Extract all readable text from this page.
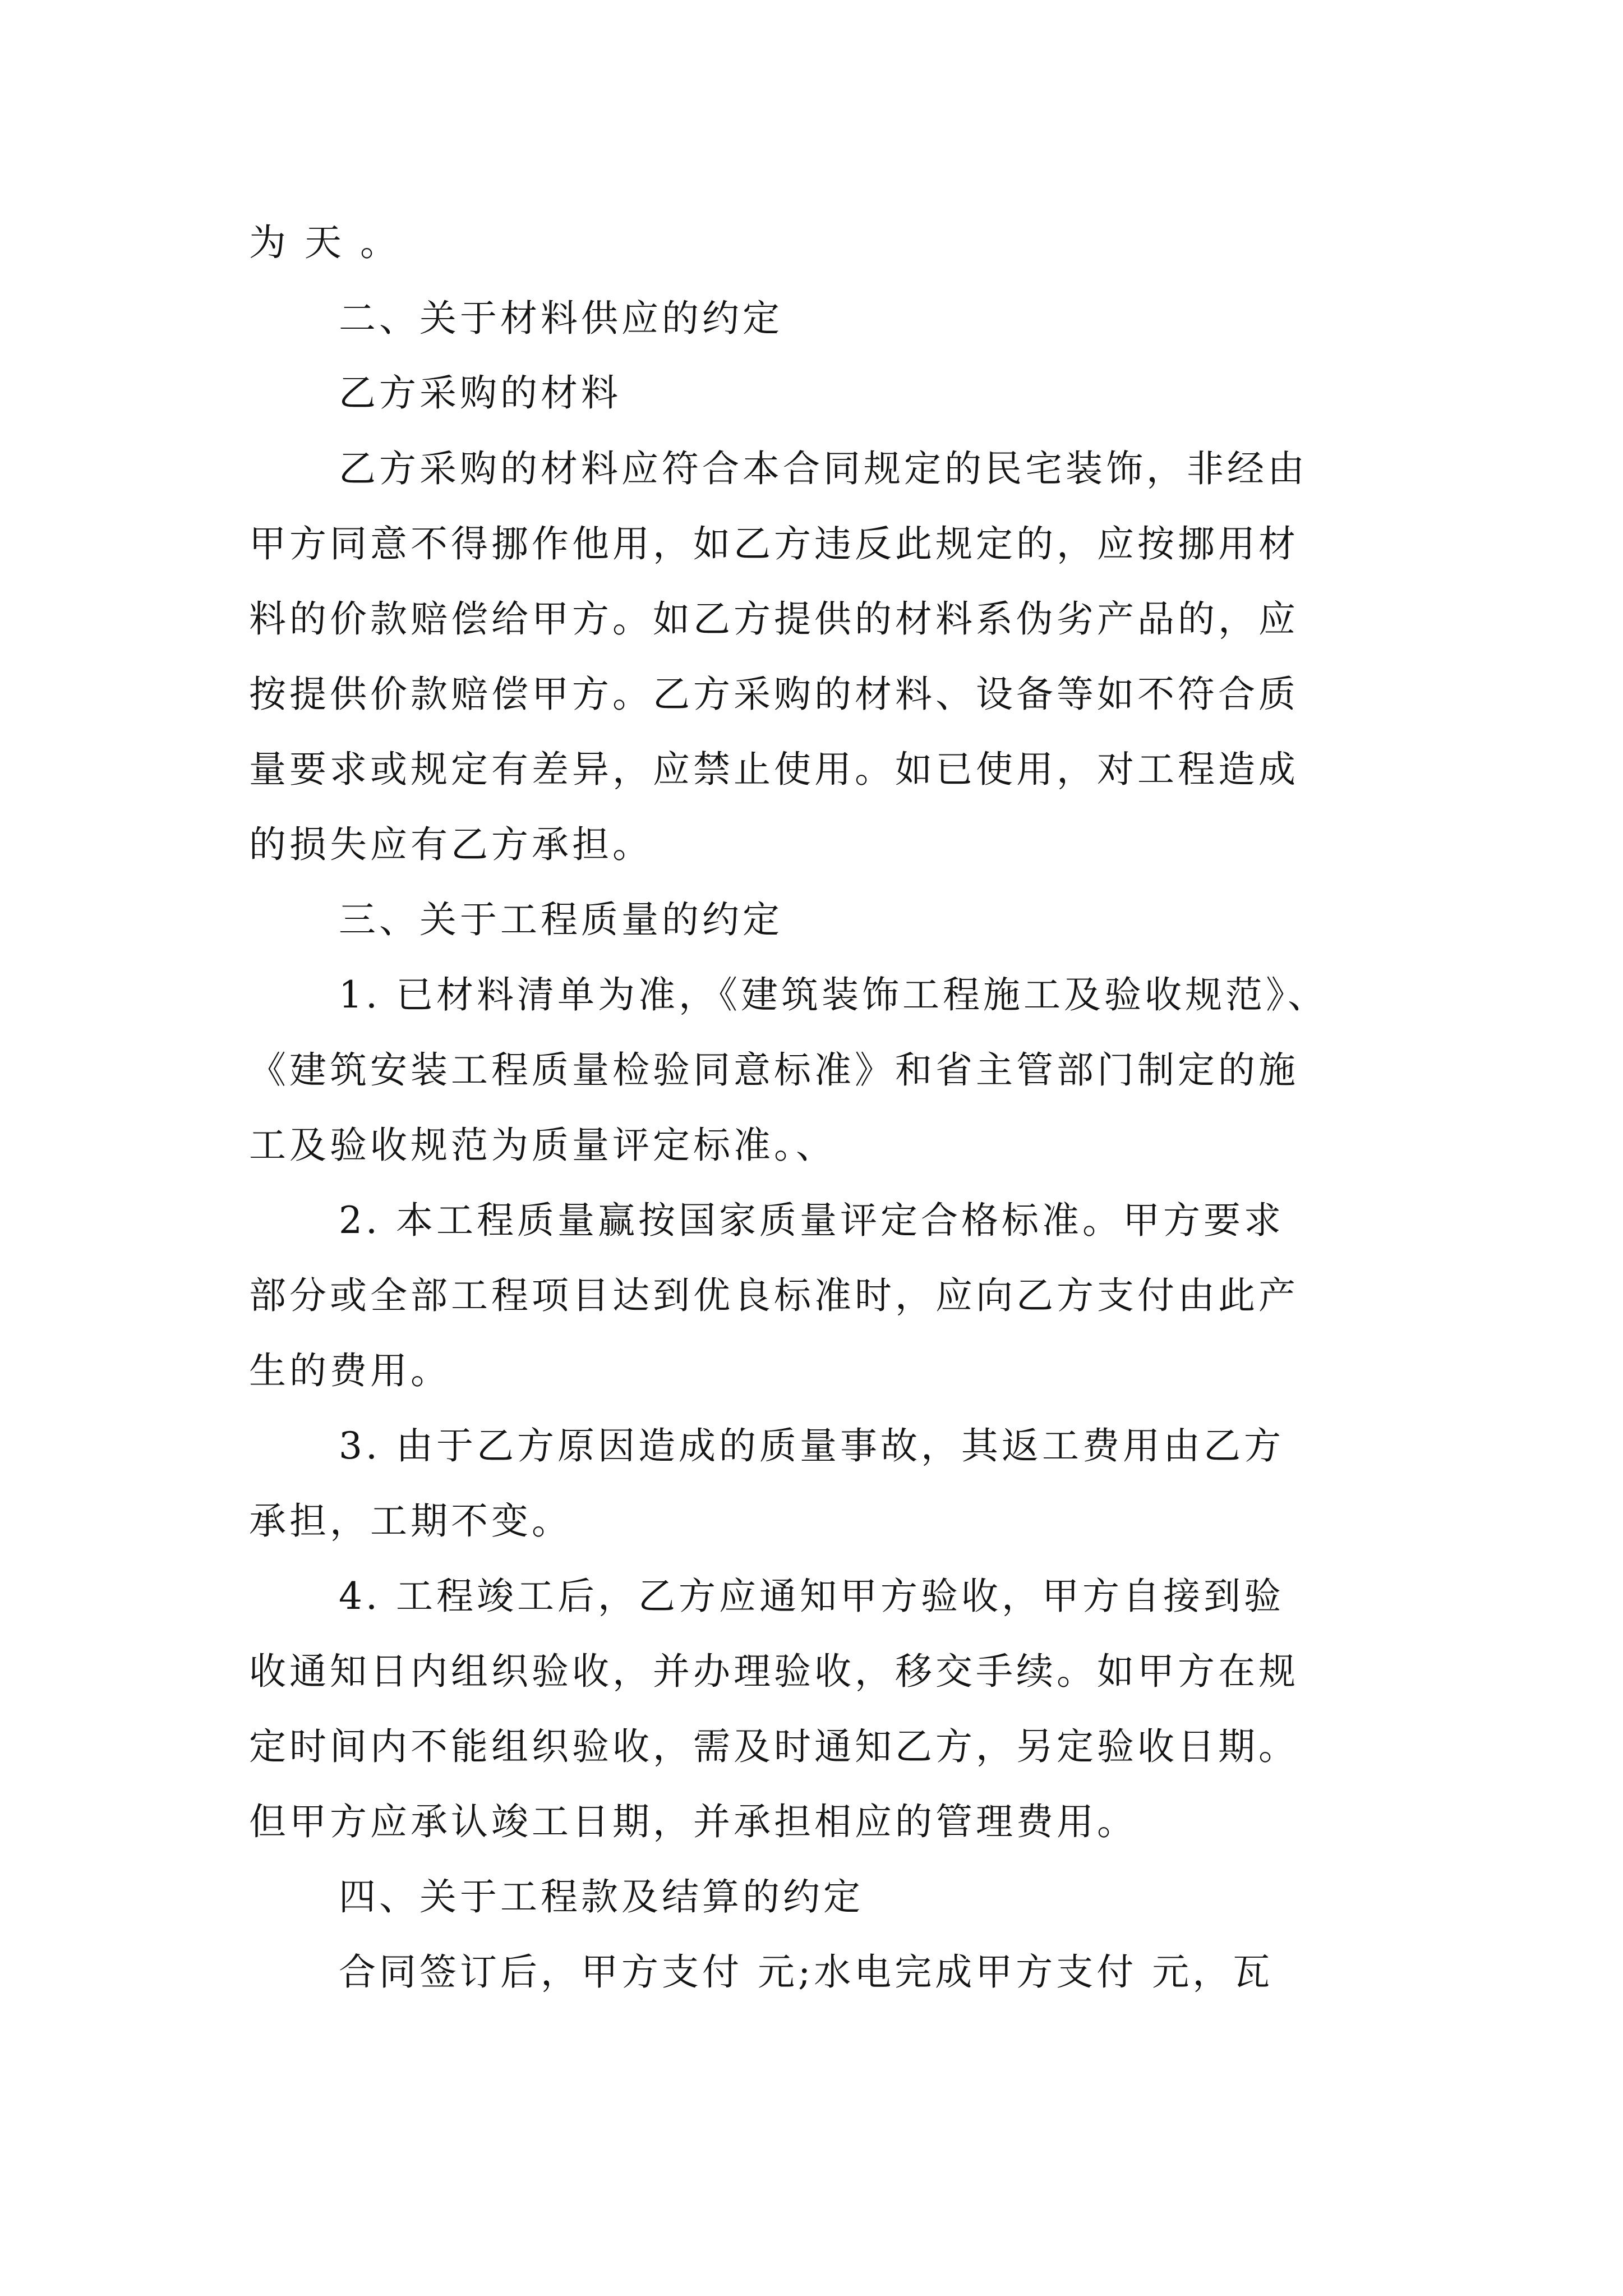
为 天 。

二、关于材料供应的约定

乙方采购的材料

乙方采购的材料应符合本合同规定的民宅装饰，非经由

甲方同意不得挪作他用，如乙方违反此规定的，应按挪用材

料的价款赔偿给甲方。如乙方提供的材料系伪劣产品的，应

按提供价款赔偿甲方。乙方采购的材料、设备等如不符合质

量要求或规定有差异，应禁止使用。如已使用，对工程造成

的损失应有乙方承担。

三、关于工程质量的约定

1. 已材料清单为准，《建筑装饰工程施工及验收规范》、

《建筑安装工程质量检验同意标准》和省主管部门制定的施

工及验收规范为质量评定标准。、

2. 本工程质量赢按国家质量评定合格标准。甲方要求

部分或全部工程项目达到优良标准时，应向乙方支付由此产

生的费用。

3. 由于乙方原因造成的质量事故，其返工费用由乙方

承担，工期不变。

4. 工程竣工后，乙方应通知甲方验收，甲方自接到验

收通知日内组织验收，并办理验收，移交手续。如甲方在规

定时间内不能组织验收，需及时通知乙方，另定验收日期。

但甲方应承认竣工日期，并承担相应的管理费用。

四、关于工程款及结算的约定

合同签订后，甲方支付 元;水电完成甲方支付 元，瓦
